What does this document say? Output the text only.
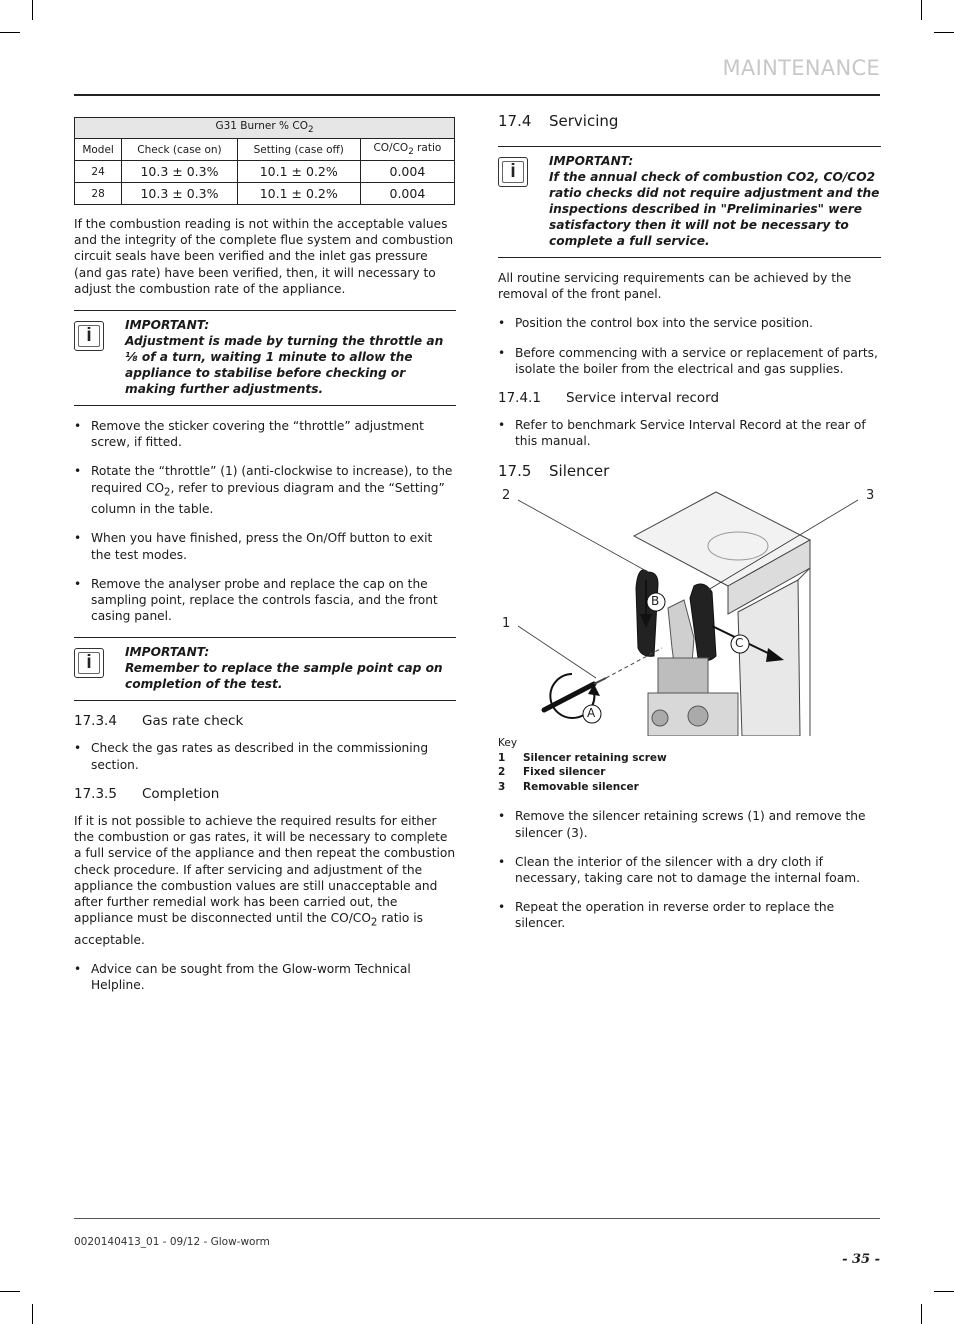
MAINTENANCE
G31 Burner % $CO_2$
Model	Check (case on)	Setting (case off)	$CO/CO_2$ ratio
24	10.3 ± 0.3%	10.1 ± 0.2%	0.004
28	10.3 ± 0.3%	10.1 ± 0.2%	0.004

If the combustion reading is not within the acceptable values and the integrity of the complete flue system and combustion circuit seals have been verified and the inlet gas pressure (and gas rate) have been verified, then, it will necessary to adjust the combustion rate of the appliance.

i	IMPORTANT:
Adjustment is made by turning the throttle an ⅛ of a turn, waiting 1 minute to allow the appliance to stabilise before checking or making further adjustments.
• Remove the sticker covering the “throttle” adjustment screw, if fitted.
• Rotate the “throttle” (1) (anti-clockwise to increase), to the required $CO_2$, refer to previous diagram and the “Setting” column in the table.
• When you have finished, press the On/Off button to exit the test modes.
• Remove the analyser probe and replace the cap on the sampling point, replace the controls fascia, and the front casing panel.
i	IMPORTANT:
Remember to replace the sample point cap on completion of the test.
17.3.4 Gas rate check
• Check the gas rates as described in the commissioning section.
17.3.5 Completion

If it is not possible to achieve the required results for either the combustion or gas rates, it will be necessary to complete a full service of the appliance and then repeat the combustion check procedure. If after servicing and adjustment of the appliance the combustion values are still unacceptable and after further remedial work has been carried out, the appliance must be disconnected until the $CO/CO_2$ ratio is acceptable.

• Advice can be sought from the Glow-worm Technical Helpline.
17.4 Servicing
i	IMPORTANT:
If the annual check of combustion CO2, CO/CO2 ratio checks did not require adjustment and the inspections described in "Preliminaries" were satisfactory then it will not be necessary to complete a full service.

All routine servicing requirements can be achieved by the removal of the front panel.

• Position the control box into the service position.
• Before commencing with a service or replacement of parts, isolate the boiler from the electrical and gas supplies.
17.4.1 Service interval record
• Refer to benchmark Service Interval Record at the rear of this manual.
17.5 Silencer
2	3
1
B
C
A
Key
1 Silencer retaining screw
2 Fixed silencer
3 Removable silencer
• Remove the silencer retaining screws (1) and remove the silencer (3).
• Clean the interior of the silencer with a dry cloth if necessary, taking care not to damage the internal foam.
• Repeat the operation in reverse order to replace the silencer.
0020140413_01 - 09/12 - Glow-worm
- 35 -
